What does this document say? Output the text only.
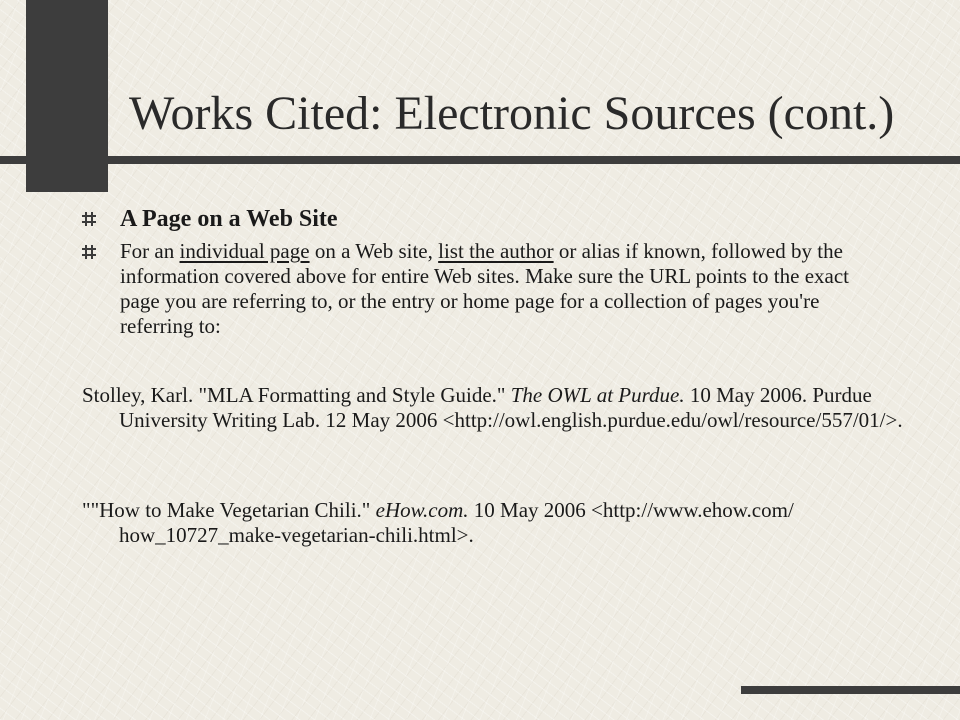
Works Cited: Electronic Sources (cont.)
A Page on a Web Site
For an individual page on a Web site, list the author or alias if known, followed by the information covered above for entire Web sites. Make sure the URL points to the exact page you are referring to, or the entry or home page for a collection of pages you're referring to:

Stolley, Karl. "MLA Formatting and Style Guide." The OWL at Purdue. 10 May 2006. Purdue University Writing Lab. 12 May 2006 <http://owl.english.purdue.edu/owl/resource/557/01/>.

""How to Make Vegetarian Chili." eHow.com. 10 May 2006 <http://www.ehow.com/ how_10727_make-vegetarian-chili.html>.
